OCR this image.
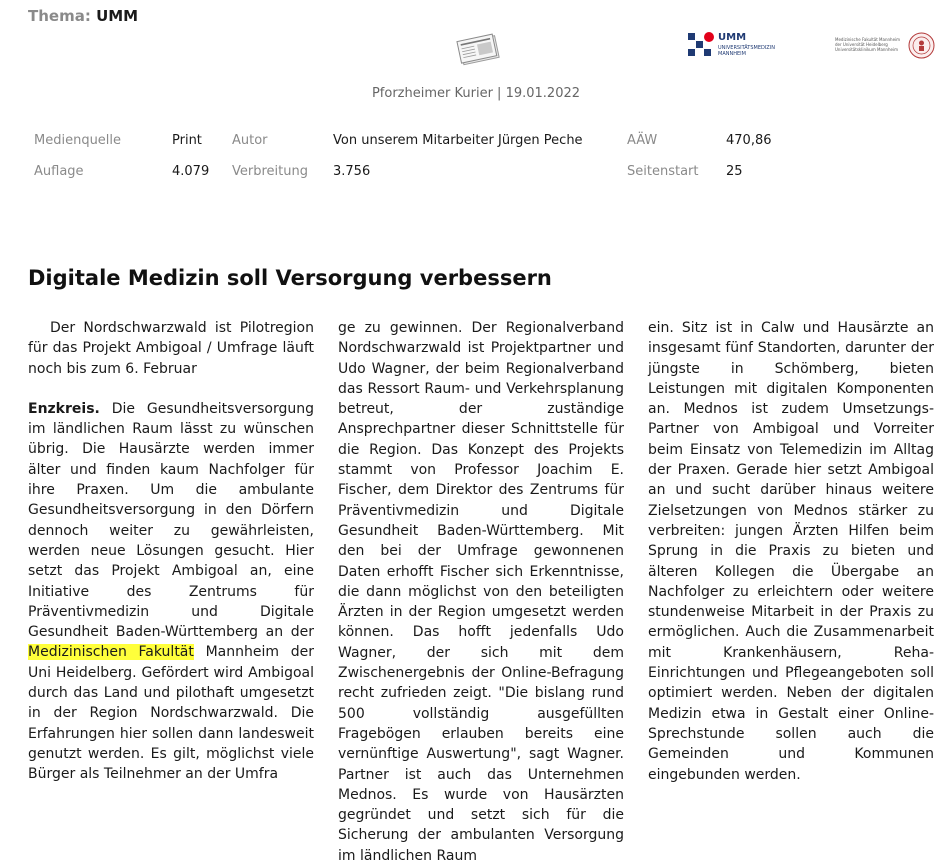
Thema: UMM
UMM
UNIVERSITÄTSMEDIZIN MANNHEIM
Medizinische Fakultät Mannheim der Universität Heidelberg Universitätsklinikum Mannheim
Pforzheimer Kurier | 19.01.2022
Medienquelle	Print Autor	Von unserem Mitarbeiter Jürgen Peche	AÄW	470,86
Auflage	4.079 Verbreitung 3.756	Seitenstart 25
Digitale Medizin soll Versorgung verbessern

Der Nordschwarzwald ist Pilotregion für das Projekt Ambigoal / Umfrage läuft noch bis zum 6. Februar

Enzkreis. Die Gesundheitsversorgung im ländlichen Raum lässt zu wünschen übrig. Die Hausärzte werden immer älter und finden kaum Nachfolger für ihre Praxen. Um die ambulante Gesundheitsversorgung in den Dörfern dennoch weiter zu gewährleisten, werden neue Lösungen gesucht. Hier setzt das Projekt Ambigoal an, eine Initiative des Zentrums für Präventivmedizin und Digitale Gesundheit Baden-Württemberg an der Medizinischen Fakultät Mannheim der Uni Heidelberg. Gefördert wird Ambigoal durch das Land und pilothaft umgesetzt in der Region Nordschwarzwald. Die Erfahrungen hier sollen dann landesweit genutzt werden. Es gilt, möglichst viele Bürger als Teilnehmer an der Umfra

ge zu gewinnen. Der Regionalverband Nordschwarzwald ist Projektpartner und Udo Wagner, der beim Regionalverband das Ressort Raum- und Verkehrsplanung betreut, der zuständige Ansprechpartner dieser Schnittstelle für die Region. Das Konzept des Projekts stammt von Professor Joachim E. Fischer, dem Direktor des Zentrums für Präventivmedizin und Digitale Gesundheit Baden-Württemberg. Mit den bei der Umfrage gewonnenen Daten erhofft Fischer sich Erkenntnisse, die dann möglichst von den beteiligten Ärzten in der Region umgesetzt werden können. Das hofft jedenfalls Udo Wagner, der sich mit dem Zwischenergebnis der Online-Befragung recht zufrieden zeigt. "Die bislang rund 500 vollständig ausgefüllten Fragebögen erlauben bereits eine vernünftige Auswertung", sagt Wagner. Partner ist auch das Unternehmen Mednos. Es wurde von Hausärzten gegründet und setzt sich für die Sicherung der ambulanten Versorgung im ländlichen Raum

ein. Sitz ist in Calw und Hausärzte an insgesamt fünf Standorten, darunter der jüngste in Schömberg, bieten Leistungen mit digitalen Komponenten an. Mednos ist zudem Umsetzungs-Partner von Ambigoal und Vorreiter beim Einsatz von Telemedizin im Alltag der Praxen. Gerade hier setzt Ambigoal an und sucht darüber hinaus weitere Zielsetzungen von Mednos stärker zu verbreiten: jungen Ärzten Hilfen beim Sprung in die Praxis zu bieten und älteren Kollegen die Übergabe an Nachfolger zu erleichtern oder weitere stundenweise Mitarbeit in der Praxis zu ermöglichen. Auch die Zusammenarbeit mit Krankenhäusern, Reha-Einrichtungen und Pflegeangeboten soll optimiert werden. Neben der digitalen Medizin etwa in Gestalt einer Online-Sprechstunde sollen auch die Gemeinden und Kommunen eingebunden werden.
